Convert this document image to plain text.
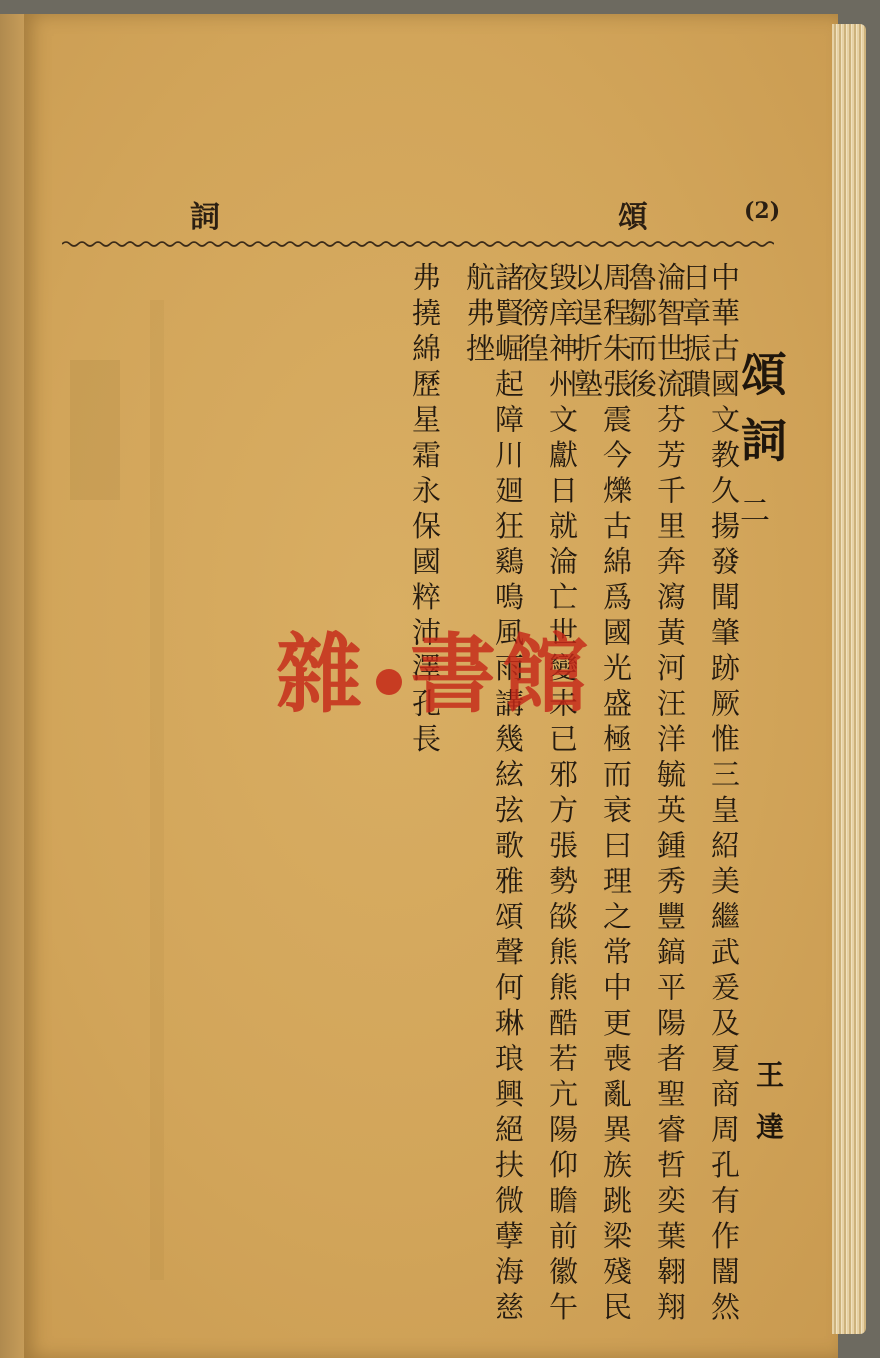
詞	頌	(2)
頌詞
二
王達
中華古國文教久揚發聞肇跡厥惟三皇紹美繼武爰及夏商周孔有作闇然日章振聵
淪智世流芬芳千里奔瀉黃河汪洋毓英鍾秀豐鎬平陽者聖睿哲奕葉翱翔魯鄒而後
周程朱張震今爍古綿爲國光盛極而衰曰理之常中更喪亂異族跳梁殘民以逞折塾
毀庠神州文獻日就淪亡世變未已邪方張勢燄熊熊酷若亢陽仰瞻前徽午夜徬徨
諸賢崛起障川廻狂鷄鳴風雨講幾絃弦歌雅頌聲何琳琅興絕扶微孽海慈航弗挫
弗撓綿歷星霜永保國粹沛澤孔長
雜 書館
